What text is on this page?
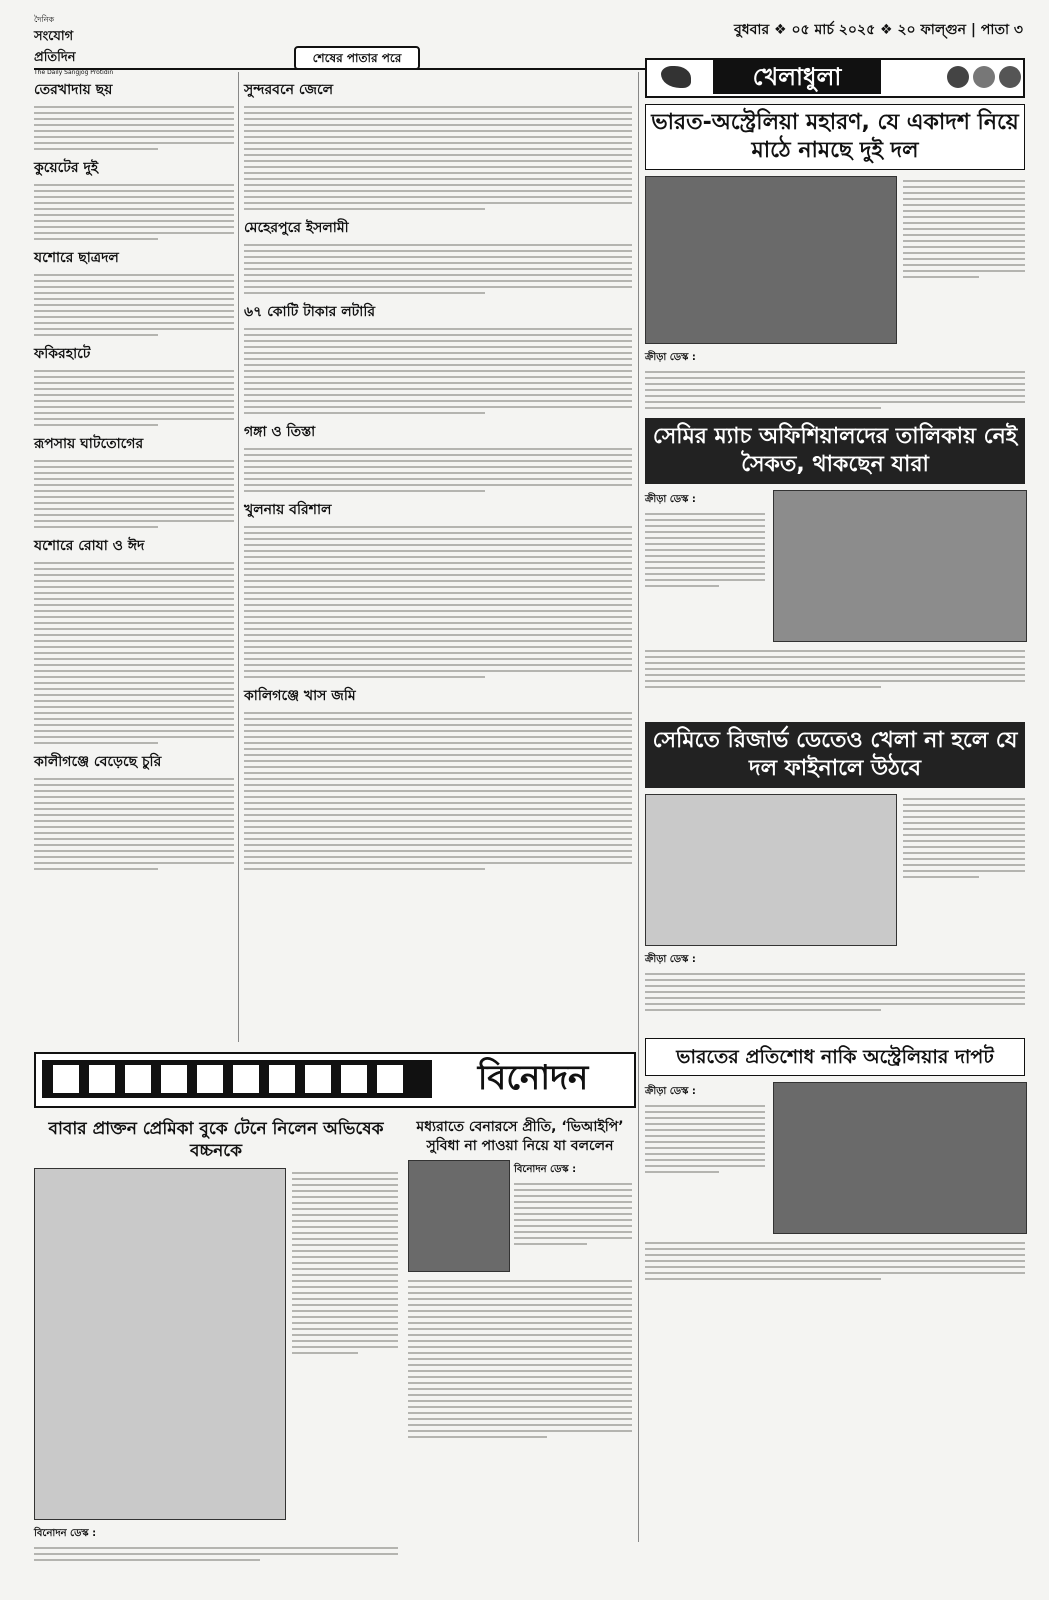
দৈনিক
সংযোগ প্রতিদিন
The Daily Sangjog Protidin
বুধবার ❖ ০৫ মার্চ ২০২৫ ❖ ২০ ফাল্গুন | পাতা ৩
শেষের পাতার পরে
তেরখাদায় ছয়
কুয়েটের দুই
যশোরে ছাত্রদল
ফকিরহাটে
রূপসায় ঘাটতোগের
যশোরে রোযা ও ঈদ
কালীগঞ্জে বেড়েছে চুরি
সুন্দরবনে জেলে
মেহেরপুরে ইসলামী
৬৭ কোটি টাকার লটারি
গঙ্গা ও তিস্তা
খুলনায় বরিশাল
কালিগঞ্জে খাস জমি
খেলাধুলা
ভারত-অস্ট্রেলিয়া মহারণ, যে একাদশ নিয়ে মাঠে নামছে দুই দল
ক্রীড়া ডেস্ক :
সেমির ম্যাচ অফিশিয়ালদের তালিকায় নেই সৈকত, থাকছেন যারা
ক্রীড়া ডেস্ক :
সেমিতে রিজার্ভ ডেতেও খেলা না হলে যে দল ফাইনালে উঠবে
ক্রীড়া ডেস্ক :
ভারতের প্রতিশোধ নাকি অস্ট্রেলিয়ার দাপট
ক্রীড়া ডেস্ক :
বিনোদন
বাবার প্রাক্তন প্রেমিকা বুকে টেনে নিলেন অভিষেক বচ্চনকে
বিনোদন ডেস্ক :
মধ্যরাতে বেনারসে প্রীতি, ‘ভিআইপি’ সুবিধা না পাওয়া নিয়ে যা বললেন
বিনোদন ডেস্ক :
